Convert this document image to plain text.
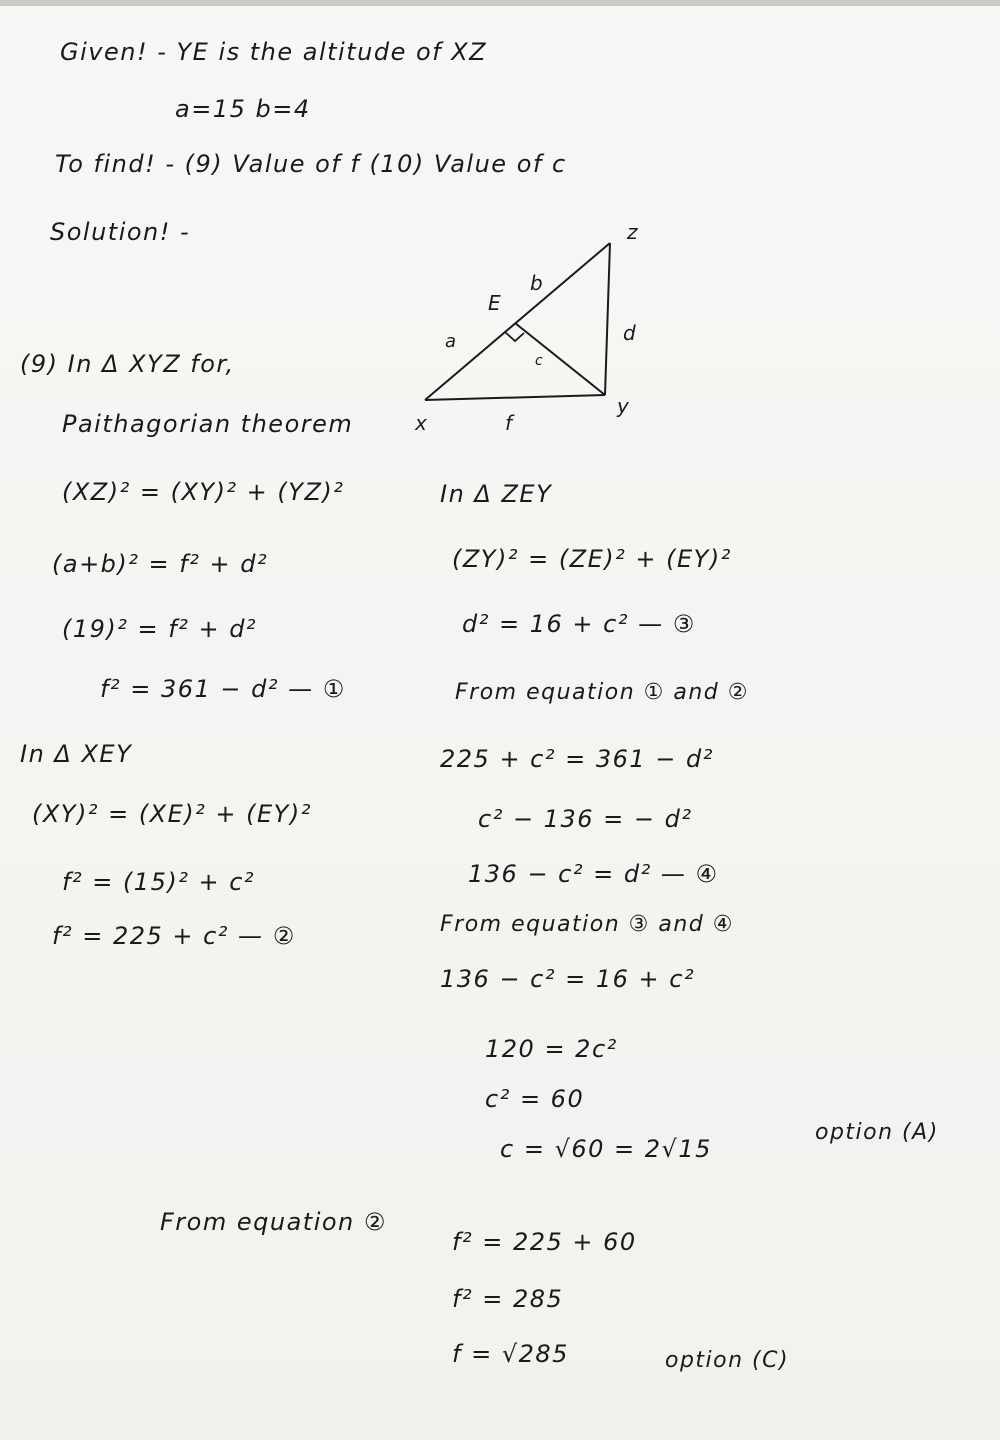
Given! - YE is the altitude of XZ
a=15 b=4
To find! - (9) Value of f (10) Value of c
Solution! -	z
b
E
a	d
c
x	f
y
(9) In Δ XYZ for,
Paithagorian theorem
(XZ)² = (XY)² + (YZ)²
(a+b)² = f² + d²
(19)² = f² + d²
f² = 361 − d² — ①
In Δ XEY
(XY)² = (XE)² + (EY)²
f² = (15)² + c²
f² = 225 + c² — ②
In Δ ZEY
(ZY)² = (ZE)² + (EY)²
d² = 16 + c² — ③
From equation ① and ②
225 + c² = 361 − d²
c² − 136 = − d²
136 − c² = d² — ④
From equation ③ and ④
136 − c² = 16 + c²
120 = 2c²
c² = 60
c = √60 = 2√15
option (A)
From equation ②
f² = 225 + 60
f² = 285
f = √285	option (C)
